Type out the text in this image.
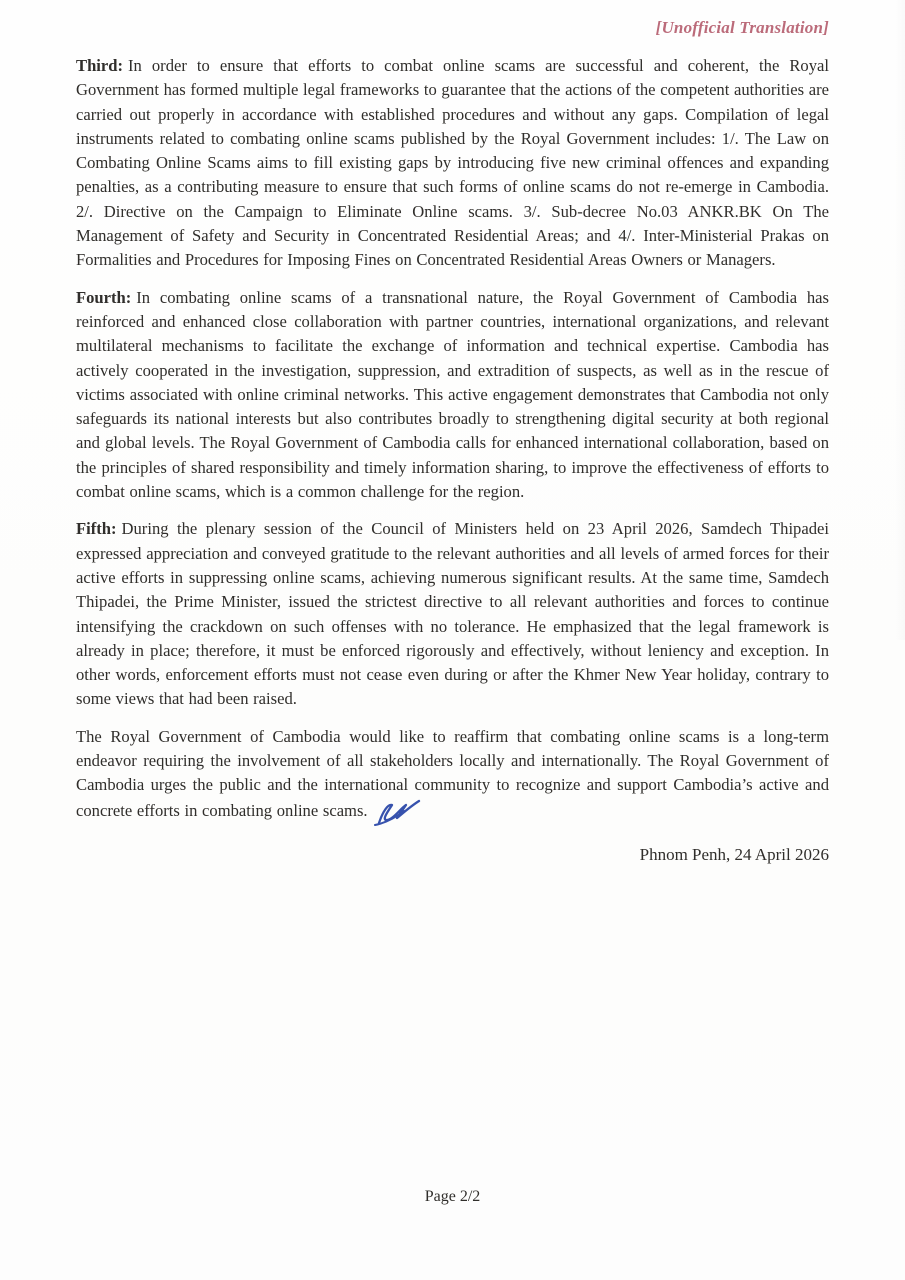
[Unofficial Translation]

Third: In order to ensure that efforts to combat online scams are successful and coherent, the Royal Government has formed multiple legal frameworks to guarantee that the actions of the competent authorities are carried out properly in accordance with established procedures and without any gaps. Compilation of legal instruments related to combating online scams published by the Royal Government includes: 1/. The Law on Combating Online Scams aims to fill existing gaps by introducing five new criminal offences and expanding penalties, as a contributing measure to ensure that such forms of online scams do not re-emerge in Cambodia. 2/. Directive on the Campaign to Eliminate Online scams. 3/. Sub-decree No.03 ANKR.BK On The Management of Safety and Security in Concentrated Residential Areas; and 4/. Inter-Ministerial Prakas on Formalities and Procedures for Imposing Fines on Concentrated Residential Areas Owners or Managers.

Fourth: In combating online scams of a transnational nature, the Royal Government of Cambodia has reinforced and enhanced close collaboration with partner countries, international organizations, and relevant multilateral mechanisms to facilitate the exchange of information and technical expertise. Cambodia has actively cooperated in the investigation, suppression, and extradition of suspects, as well as in the rescue of victims associated with online criminal networks. This active engagement demonstrates that Cambodia not only safeguards its national interests but also contributes broadly to strengthening digital security at both regional and global levels. The Royal Government of Cambodia calls for enhanced international collaboration, based on the principles of shared responsibility and timely information sharing, to improve the effectiveness of efforts to combat online scams, which is a common challenge for the region.

Fifth: During the plenary session of the Council of Ministers held on 23 April 2026, Samdech Thipadei expressed appreciation and conveyed gratitude to the relevant authorities and all levels of armed forces for their active efforts in suppressing online scams, achieving numerous significant results. At the same time, Samdech Thipadei, the Prime Minister, issued the strictest directive to all relevant authorities and forces to continue intensifying the crackdown on such offenses with no tolerance. He emphasized that the legal framework is already in place; therefore, it must be enforced rigorously and effectively, without leniency and exception. In other words, enforcement efforts must not cease even during or after the Khmer New Year holiday, contrary to some views that had been raised.

The Royal Government of Cambodia would like to reaffirm that combating online scams is a long-term endeavor requiring the involvement of all stakeholders locally and internationally. The Royal Government of Cambodia urges the public and the international community to recognize and support Cambodia’s active and concrete efforts in combating online scams.

Phnom Penh, 24 April 2026

Page 2/2
